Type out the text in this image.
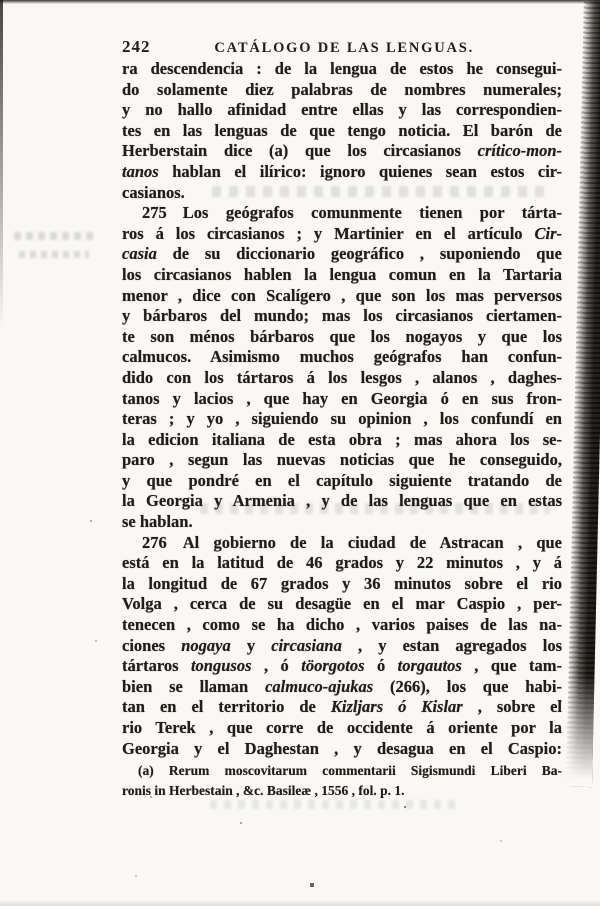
242	CATÁLOGO DE LAS LENGUAS.
ra descendencia : de la lengua de estos he consegui-
do solamente diez palabras de nombres numerales;
y no hallo afinidad entre ellas y las correspondien-
tes en las lenguas de que tengo noticia. El barón de
Herberstain dice (a) que los circasianos crítico-mon-
tanos hablan el ilírico: ignoro quienes sean estos cir-
casianos.
275 Los geógrafos comunmente tienen por tárta-
ros á los circasianos ; y Martinier en el artículo Cir-
casia de su diccionario geográfico , suponiendo que
los circasianos hablen la lengua comun en la Tartaria
menor , dice con Scalígero , que son los mas perversos
y bárbaros del mundo; mas los circasianos ciertamen-
te son ménos bárbaros que los nogayos y que los
calmucos. Asimismo muchos geógrafos han confun-
dido con los tártaros á los lesgos , alanos , daghes-
tanos y lacios , que hay en Georgia ó en sus fron-
teras ; y yo , siguiendo su opinion , los confundí en
la edicion italiana de esta obra ; mas ahora los se-
paro , segun las nuevas noticias que he conseguido,
y que pondré en el capítulo siguiente tratando de
la Georgia y Armenia , y de las lenguas que en estas
se hablan.
276 Al gobierno de la ciudad de Astracan , que
está en la latitud de 46 grados y 22 minutos , y á
la longitud de 67 grados y 36 minutos sobre el rio
Volga , cerca de su desagüe en el mar Caspio , per-
tenecen , como se ha dicho , varios paises de las na-
ciones nogaya y circasiana , y estan agregados los
tártaros tongusos , ó töorgotos ó torgautos , que tam-
bien se llaman calmuco-ajukas (266), los que habi-
tan en el territorio de Kizljars ó Kislar , sobre el
rio Terek , que corre de occidente á oriente por la
Georgia y el Daghestan , y desagua en el Caspio:
(a) Rerum moscovitarum commentarii Sigismundi Liberi Ba-
ronis in Herbestain , &c. Basileæ , 1556 , fol. p. 1.
